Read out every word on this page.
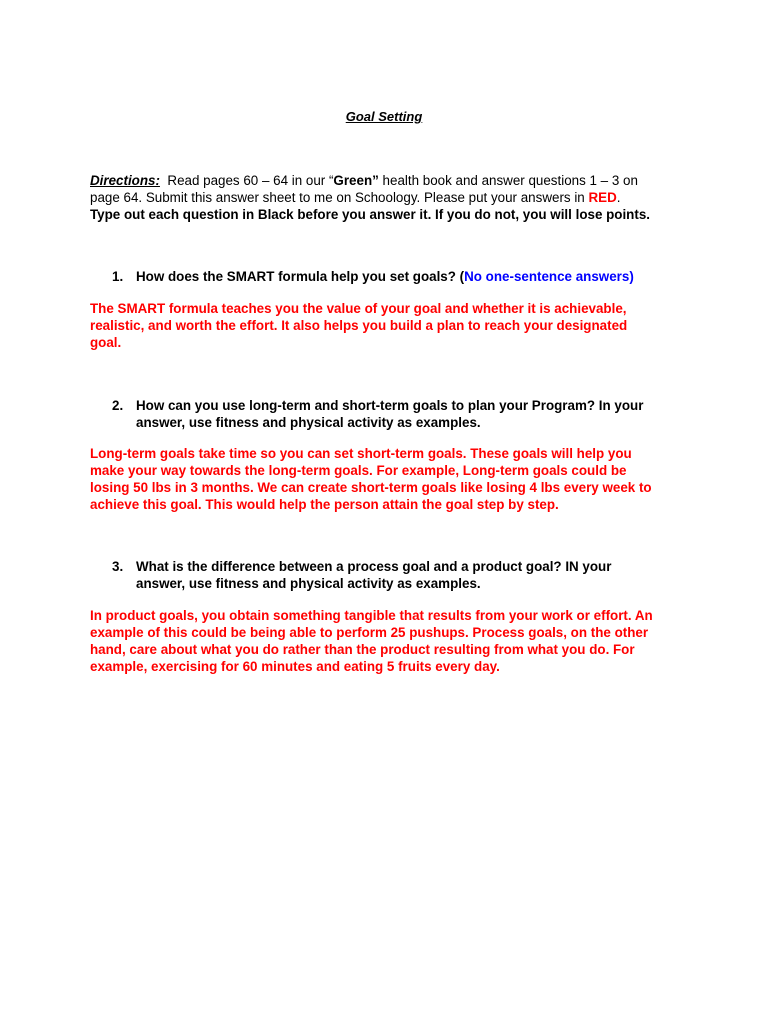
Goal Setting
Directions: Read pages 60 – 64 in our “Green” health book and answer questions 1 – 3 on
page 64. Submit this answer sheet to me on Schoology. Please put your answers in RED.
Type out each question in Black before you answer it. If you do not, you will lose points.
1. How does the SMART formula help you set goals? (No one-sentence answers)
The SMART formula teaches you the value of your goal and whether it is achievable,
realistic, and worth the effort. It also helps you build a plan to reach your designated
goal.
2. How can you use long-term and short-term goals to plan your Program? In your
answer, use fitness and physical activity as examples.
Long-term goals take time so you can set short-term goals. These goals will help you
make your way towards the long-term goals. For example, Long-term goals could be
losing 50 lbs in 3 months. We can create short-term goals like losing 4 lbs every week to
achieve this goal. This would help the person attain the goal step by step.
3. What is the difference between a process goal and a product goal? IN your
answer, use fitness and physical activity as examples.
In product goals, you obtain something tangible that results from your work or effort. An
example of this could be being able to perform 25 pushups. Process goals, on the other
hand, care about what you do rather than the product resulting from what you do. For
example, exercising for 60 minutes and eating 5 fruits every day.
